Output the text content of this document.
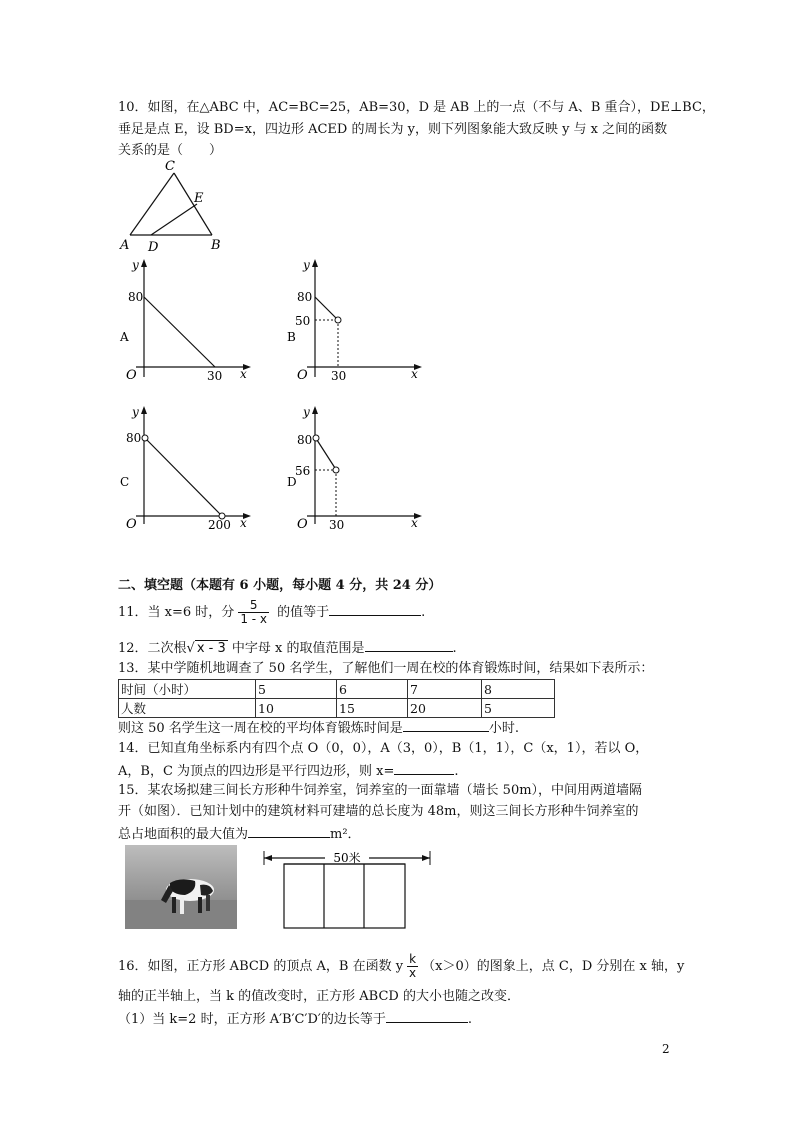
10．如图，在△ABC 中，AC=BC=25，AB=30，D 是 AB 上的一点（不与 A、B 重合），DE⊥BC，
垂足是点 E，设 BD=x，四边形 ACED 的周长为 y，则下列图象能大致反映 y 与 x 之间的函数
关系的是（　　）
C
E
A D	B
y
x
80
30
O
A
y
x
80
50
30
O
B
y
x
80
200
O
C
y
x
80
56
30
O
D
二、填空题（本题有 6 小题，每小题 4 分，共 24 分）
11．当 x=6 时，分 $\frac{5}{1 - x}$ 的值等于	.
12．二次根√ x - 3 中字母 x 的取值范围是	.
13．某中学随机地调查了 50 名学生，了解他们一周在校的体育锻炼时间，结果如下表所示：
时间（小时）	5	6	7	8
人数	10	15	20	5
则这 50 名学生这一周在校的平均体育锻炼时间是	小时.
14．已知直角坐标系内有四个点 O（0，0），A（3，0），B（1，1），C（x，1），若以 O，
A，B，C 为顶点的四边形是平行四边形，则 x=	.
15．某农场拟建三间长方形种牛饲养室，饲养室的一面靠墙（墙长 50m），中间用两道墙隔
开（如图）．已知计划中的建筑材料可建墙的总长度为 48m，则这三间长方形种牛饲养室的
总占地面积的最大值为	m²．
50米
16．如图，正方形 ABCD 的顶点 A，B 在函数 y $\frac{k}{x} (x>0)$的图象上，点 C，D 分别在 x 轴，y
轴的正半轴上，当 k 的值改变时，正方形 ABCD 的大小也随之改变．
（1）当 k=2 时，正方形 A′B′C′D′的边长等于	.
2
